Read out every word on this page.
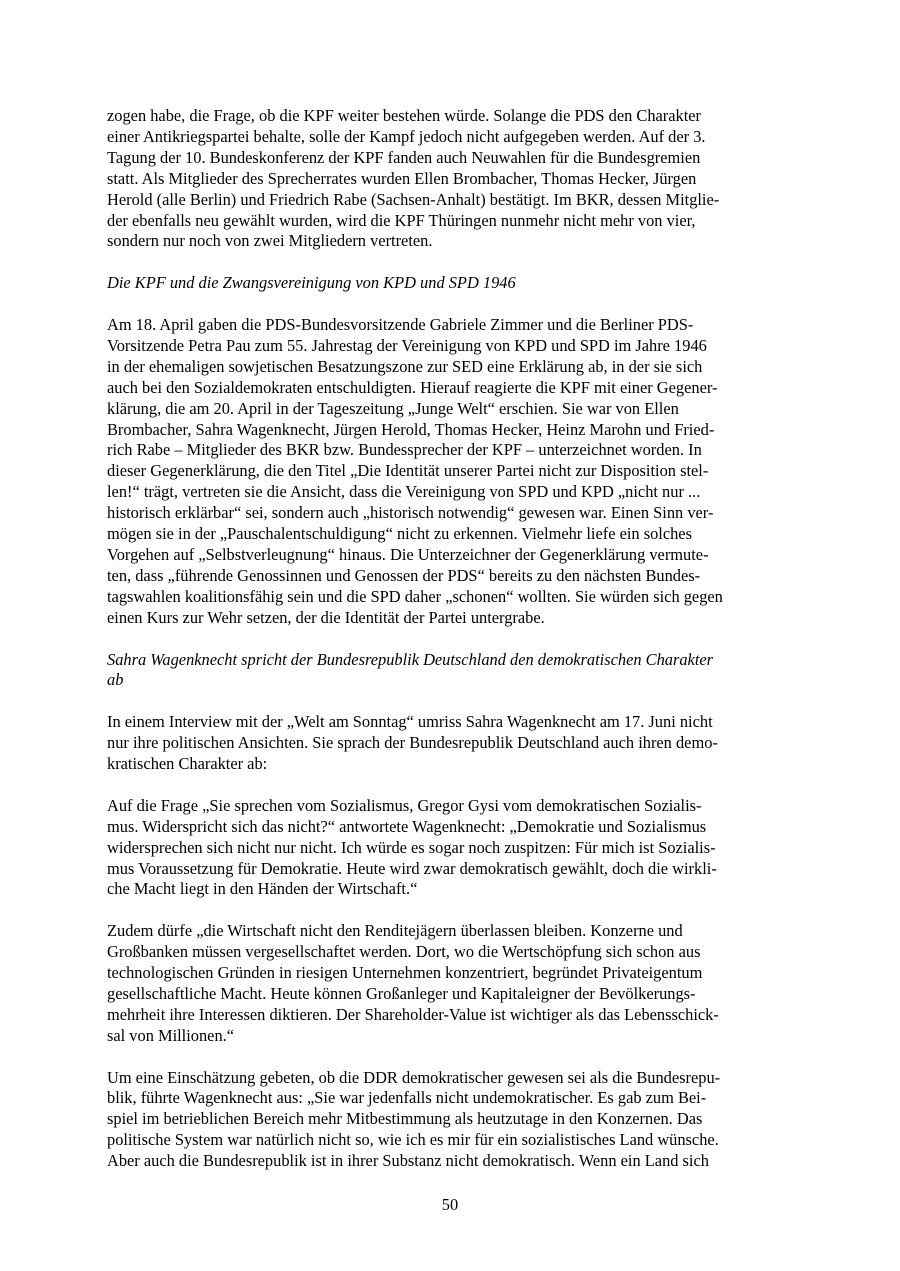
zogen habe, die Frage, ob die KPF weiter bestehen würde. Solange die PDS den Charakter
einer Antikriegspartei behalte, solle der Kampf jedoch nicht aufgegeben werden. Auf der 3.
Tagung der 10. Bundeskonferenz der KPF fanden auch Neuwahlen für die Bundesgremien
statt. Als Mitglieder des Sprecherrates wurden Ellen Brombacher, Thomas Hecker, Jürgen
Herold (alle Berlin) und Friedrich Rabe (Sachsen-Anhalt) bestätigt. Im BKR, dessen Mitglie-
der ebenfalls neu gewählt wurden, wird die KPF Thüringen nunmehr nicht mehr von vier,
sondern nur noch von zwei Mitgliedern vertreten.
Die KPF und die Zwangsvereinigung von KPD und SPD 1946
Am 18. April gaben die PDS-Bundesvorsitzende Gabriele Zimmer und die Berliner PDS-
Vorsitzende Petra Pau zum 55. Jahrestag der Vereinigung von KPD und SPD im Jahre 1946
in der ehemaligen sowjetischen Besatzungszone zur SED eine Erklärung ab, in der sie sich
auch bei den Sozialdemokraten entschuldigten. Hierauf reagierte die KPF mit einer Gegener-
klärung, die am 20. April in der Tageszeitung „Junge Welt“ erschien. Sie war von Ellen
Brombacher, Sahra Wagenknecht, Jürgen Herold, Thomas Hecker, Heinz Marohn und Fried-
rich Rabe – Mitglieder des BKR bzw. Bundessprecher der KPF – unterzeichnet worden. In
dieser Gegenerklärung, die den Titel „Die Identität unserer Partei nicht zur Disposition stel-
len!“ trägt, vertreten sie die Ansicht, dass die Vereinigung von SPD und KPD „nicht nur ...
historisch erklärbar“ sei, sondern auch „historisch notwendig“ gewesen war. Einen Sinn ver-
mögen sie in der „Pauschalentschuldigung“ nicht zu erkennen. Vielmehr liefe ein solches
Vorgehen auf „Selbstverleugnung“ hinaus. Die Unterzeichner der Gegenerklärung vermute-
ten, dass „führende Genossinnen und Genossen der PDS“ bereits zu den nächsten Bundes-
tagswahlen koalitionsfähig sein und die SPD daher „schonen“ wollten. Sie würden sich gegen
einen Kurs zur Wehr setzen, der die Identität der Partei untergrabe.
Sahra Wagenknecht spricht der Bundesrepublik Deutschland den demokratischen Charakter
ab
In einem Interview mit der „Welt am Sonntag“ umriss Sahra Wagenknecht am 17. Juni nicht
nur ihre politischen Ansichten. Sie sprach der Bundesrepublik Deutschland auch ihren demo-
kratischen Charakter ab:
Auf die Frage „Sie sprechen vom Sozialismus, Gregor Gysi vom demokratischen Sozialis-
mus. Widerspricht sich das nicht?“ antwortete Wagenknecht: „Demokratie und Sozialismus
widersprechen sich nicht nur nicht. Ich würde es sogar noch zuspitzen: Für mich ist Sozialis-
mus Voraussetzung für Demokratie. Heute wird zwar demokratisch gewählt, doch die wirkli-
che Macht liegt in den Händen der Wirtschaft.“
Zudem dürfe „die Wirtschaft nicht den Renditejägern überlassen bleiben. Konzerne und
Großbanken müssen vergesellschaftet werden. Dort, wo die Wertschöpfung sich schon aus
technologischen Gründen in riesigen Unternehmen konzentriert, begründet Privateigentum
gesellschaftliche Macht. Heute können Großanleger und Kapitaleigner der Bevölkerungs-
mehrheit ihre Interessen diktieren. Der Shareholder-Value ist wichtiger als das Lebensschick-
sal von Millionen.“
Um eine Einschätzung gebeten, ob die DDR demokratischer gewesen sei als die Bundesrepu-
blik, führte Wagenknecht aus: „Sie war jedenfalls nicht undemokratischer. Es gab zum Bei-
spiel im betrieblichen Bereich mehr Mitbestimmung als heutzutage in den Konzernen. Das
politische System war natürlich nicht so, wie ich es mir für ein sozialistisches Land wünsche.
Aber auch die Bundesrepublik ist in ihrer Substanz nicht demokratisch. Wenn ein Land sich
50
